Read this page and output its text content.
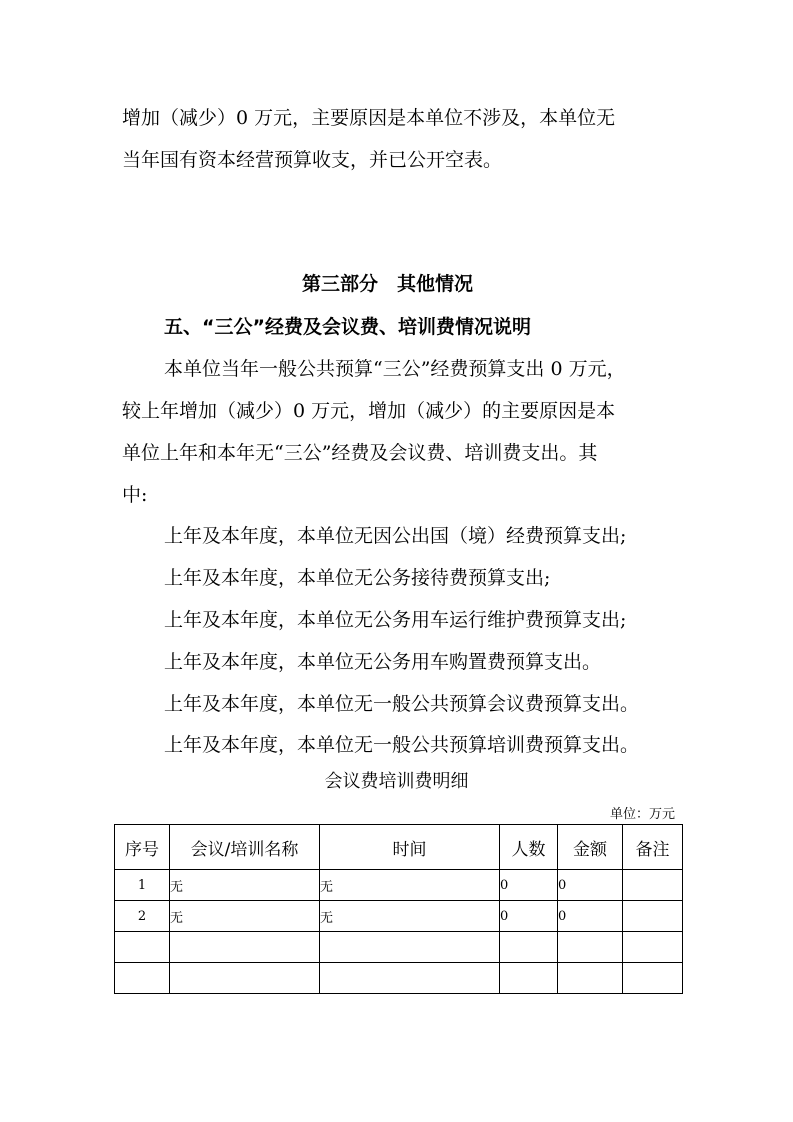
增加（减少）0 万元，主要原因是本单位不涉及，本单位无
当年国有资本经营预算收支，并已公开空表。
第三部分　其他情况
五、“三公”经费及会议费、培训费情况说明
本单位当年一般公共预算“三公”经费预算支出 0 万元，
较上年增加（减少）0 万元，增加（减少）的主要原因是本
单位上年和本年无“三公”经费及会议费、培训费支出。其
中:
上年及本年度，本单位无因公出国（境）经费预算支出;
上年及本年度，本单位无公务接待费预算支出;
上年及本年度，本单位无公务用车运行维护费预算支出;
上年及本年度，本单位无公务用车购置费预算支出。
上年及本年度，本单位无一般公共预算会议费预算支出。
上年及本年度，本单位无一般公共预算培训费预算支出。
会议费培训费明细
单位：万元
序号	会议/培训名称	时间	人数	金额	备注
1	无	无	0	0	
2	无	无	0	0	
